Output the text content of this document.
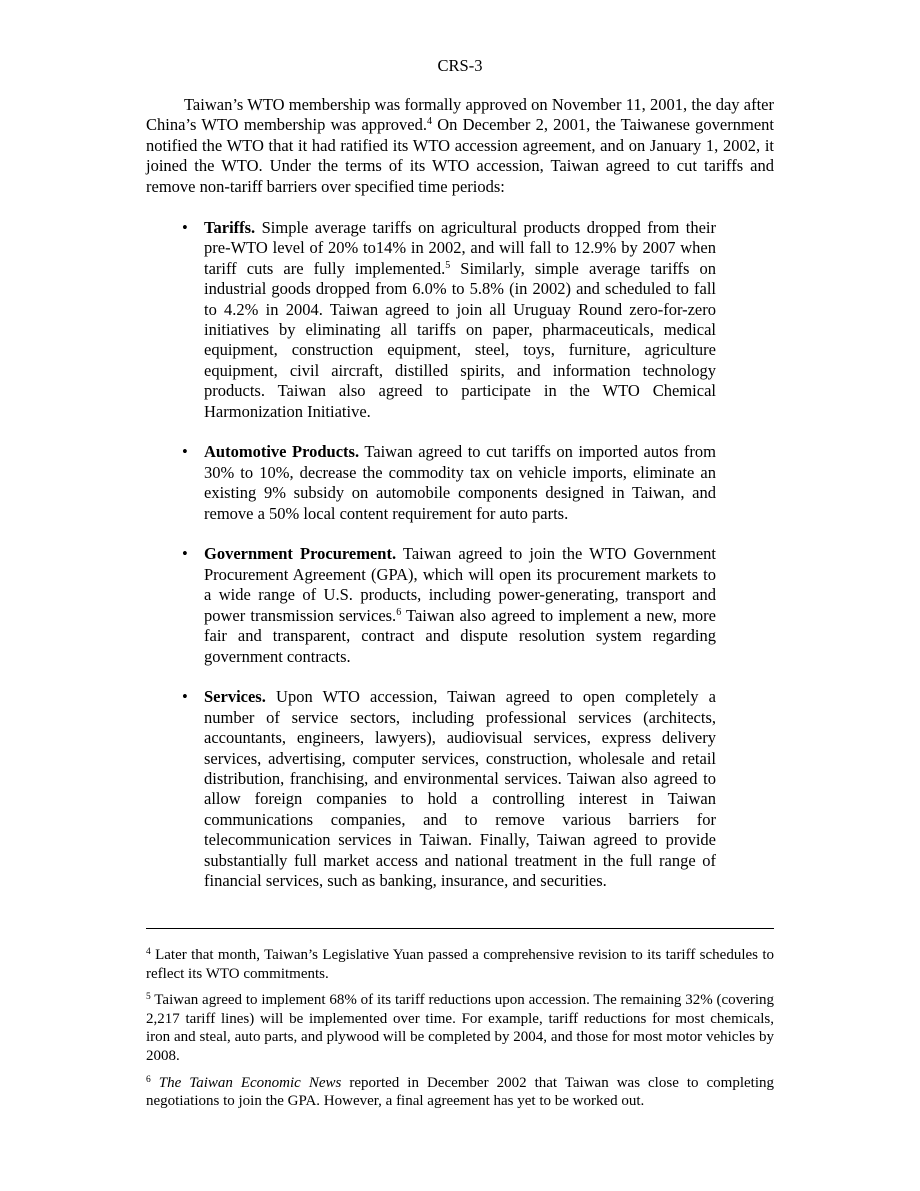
CRS-3

Taiwan’s WTO membership was formally approved on November 11, 2001, the day after China’s WTO membership was approved.$^4$ On December 2, 2001, the Taiwanese government notified the WTO that it had ratified its WTO accession agreement, and on January 1, 2002, it joined the WTO. Under the terms of its WTO accession, Taiwan agreed to cut tariffs and remove non-tariff barriers over specified time periods:

• Tariffs. Simple average tariffs on agricultural products dropped from their pre-WTO level of 20% to14% in 2002, and will fall to 12.9% by 2007 when tariff cuts are fully implemented.$^5$ Similarly, simple average tariffs on industrial goods dropped from 6.0% to 5.8% (in 2002) and scheduled to fall to 4.2% in 2004. Taiwan agreed to join all Uruguay Round zero-for-zero initiatives by eliminating all tariffs on paper, pharmaceuticals, medical equipment, construction equipment, steel, toys, furniture, agriculture equipment, civil aircraft, distilled spirits, and information technology products. Taiwan also agreed to participate in the WTO Chemical Harmonization Initiative.
• Automotive Products. Taiwan agreed to cut tariffs on imported autos from 30% to 10%, decrease the commodity tax on vehicle imports, eliminate an existing 9% subsidy on automobile components designed in Taiwan, and remove a 50% local content requirement for auto parts.
• Government Procurement. Taiwan agreed to join the WTO Government Procurement Agreement (GPA), which will open its procurement markets to a wide range of U.S. products, including power-generating, transport and power transmission services.$^6$ Taiwan also agreed to implement a new, more fair and transparent, contract and dispute resolution system regarding government contracts.
• Services. Upon WTO accession, Taiwan agreed to open completely a number of service sectors, including professional services (architects, accountants, engineers, lawyers), audiovisual services, express delivery services, advertising, computer services, construction, wholesale and retail distribution, franchising, and environmental services. Taiwan also agreed to allow foreign companies to hold a controlling interest in Taiwan communications companies, and to remove various barriers for telecommunication services in Taiwan. Finally, Taiwan agreed to provide substantially full market access and national treatment in the full range of financial services, such as banking, insurance, and securities.

$^4$ Later that month, Taiwan’s Legislative Yuan passed a comprehensive revision to its tariff schedules to reflect its WTO commitments.

$^5$ Taiwan agreed to implement 68% of its tariff reductions upon accession. The remaining 32% (covering 2,217 tariff lines) will be implemented over time. For example, tariff reductions for most chemicals, iron and steal, auto parts, and plywood will be completed by 2004, and those for most motor vehicles by 2008.

$^6$ The Taiwan Economic News reported in December 2002 that Taiwan was close to completing negotiations to join the GPA. However, a final agreement has yet to be worked out.
